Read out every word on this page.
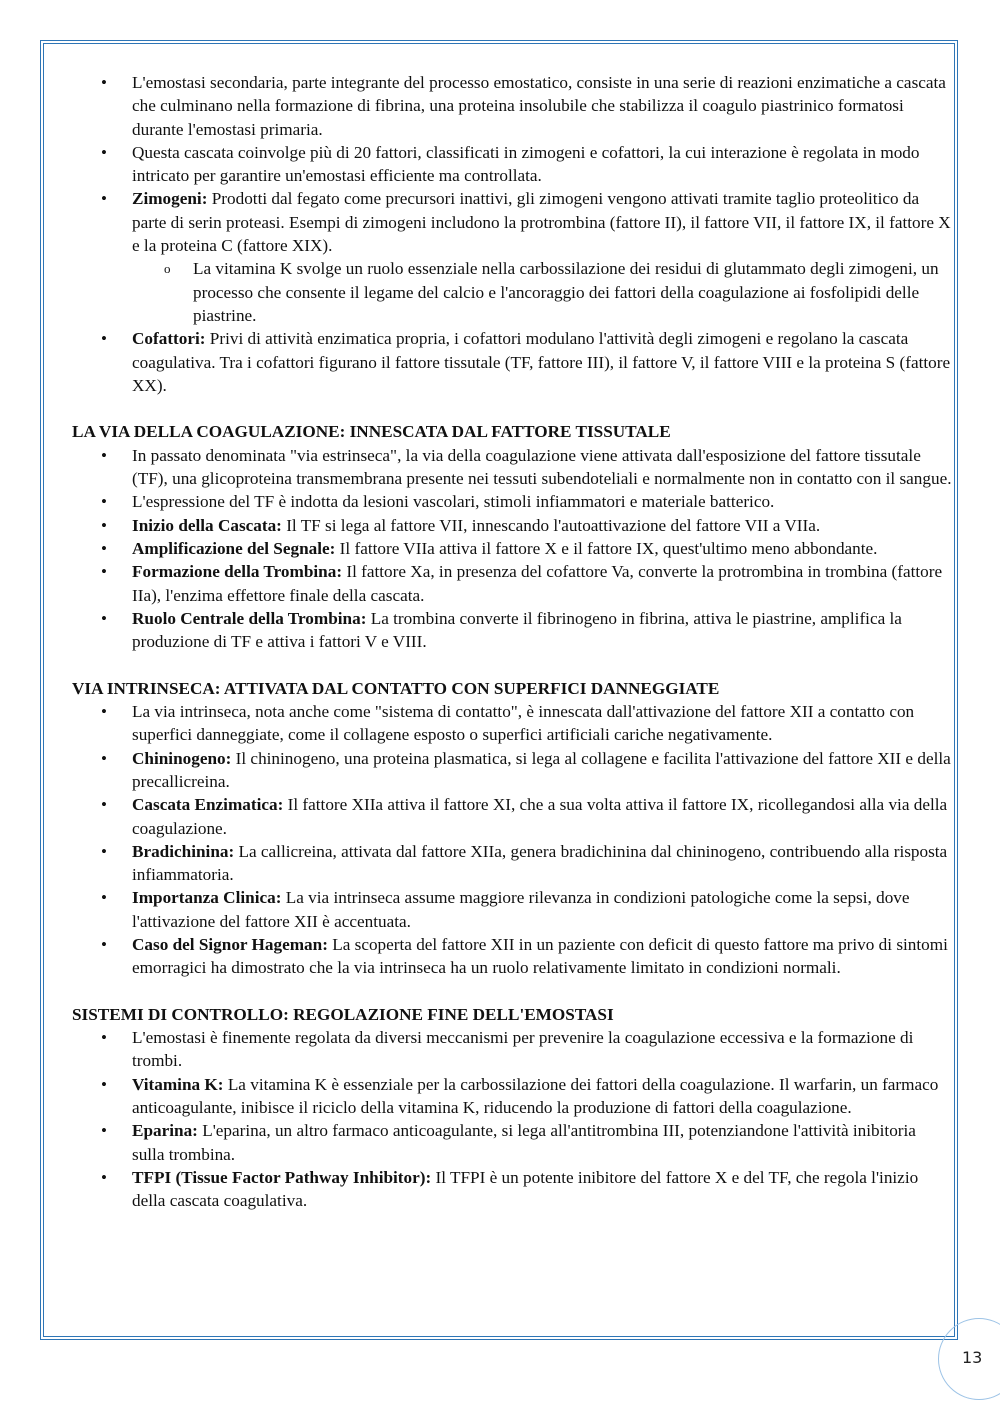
• L'emostasi secondaria, parte integrante del processo emostatico, consiste in una serie di reazioni enzimatiche a cascata che culminano nella formazione di fibrina, una proteina insolubile che stabilizza il coagulo piastrinico formatosi durante l'emostasi primaria.
• Questa cascata coinvolge più di 20 fattori, classificati in zimogeni e cofattori, la cui interazione è regolata in modo intricato per garantire un'emostasi efficiente ma controllata.
• Zimogeni: Prodotti dal fegato come precursori inattivi, gli zimogeni vengono attivati tramite taglio proteolitico da parte di serin proteasi. Esempi di zimogeni includono la protrombina (fattore II), il fattore VII, il fattore IX, il fattore X e la proteina C (fattore XIX).
o La vitamina K svolge un ruolo essenziale nella carbossilazione dei residui di glutammato degli zimogeni, un processo che consente il legame del calcio e l'ancoraggio dei fattori della coagulazione ai fosfolipidi delle piastrine.
• Cofattori: Privi di attività enzimatica propria, i cofattori modulano l'attività degli zimogeni e regolano la cascata coagulativa. Tra i cofattori figurano il fattore tissutale (TF, fattore III), il fattore V, il fattore VIII e la proteina S (fattore XX).
LA VIA DELLA COAGULAZIONE: INNESCATA DAL FATTORE TISSUTALE
• In passato denominata "via estrinseca", la via della coagulazione viene attivata dall'esposizione del fattore tissutale (TF), una glicoproteina transmembrana presente nei tessuti subendoteliali e normalmente non in contatto con il sangue.
• L'espressione del TF è indotta da lesioni vascolari, stimoli infiammatori e materiale batterico.
• Inizio della Cascata: Il TF si lega al fattore VII, innescando l'autoattivazione del fattore VII a VIIa.
• Amplificazione del Segnale: Il fattore VIIa attiva il fattore X e il fattore IX, quest'ultimo meno abbondante.
• Formazione della Trombina: Il fattore Xa, in presenza del cofattore Va, converte la protrombina in trombina (fattore IIa), l'enzima effettore finale della cascata.
• Ruolo Centrale della Trombina: La trombina converte il fibrinogeno in fibrina, attiva le piastrine, amplifica la produzione di TF e attiva i fattori V e VIII.
VIA INTRINSECA: ATTIVATA DAL CONTATTO CON SUPERFICI DANNEGGIATE
• La via intrinseca, nota anche come "sistema di contatto", è innescata dall'attivazione del fattore XII a contatto con superfici danneggiate, come il collagene esposto o superfici artificiali cariche negativamente.
• Chininogeno: Il chininogeno, una proteina plasmatica, si lega al collagene e facilita l'attivazione del fattore XII e della precallicreina.
• Cascata Enzimatica: Il fattore XIIa attiva il fattore XI, che a sua volta attiva il fattore IX, ricollegandosi alla via della coagulazione.
• Bradichinina: La callicreina, attivata dal fattore XIIa, genera bradichinina dal chininogeno, contribuendo alla risposta infiammatoria.
• Importanza Clinica: La via intrinseca assume maggiore rilevanza in condizioni patologiche come la sepsi, dove l'attivazione del fattore XII è accentuata.
• Caso del Signor Hageman: La scoperta del fattore XII in un paziente con deficit di questo fattore ma privo di sintomi emorragici ha dimostrato che la via intrinseca ha un ruolo relativamente limitato in condizioni normali.
SISTEMI DI CONTROLLO: REGOLAZIONE FINE DELL'EMOSTASI
• L'emostasi è finemente regolata da diversi meccanismi per prevenire la coagulazione eccessiva e la formazione di trombi.
• Vitamina K: La vitamina K è essenziale per la carbossilazione dei fattori della coagulazione. Il warfarin, un farmaco anticoagulante, inibisce il riciclo della vitamina K, riducendo la produzione di fattori della coagulazione.
• Eparina: L'eparina, un altro farmaco anticoagulante, si lega all'antitrombina III, potenziandone l'attività inibitoria sulla trombina.
• TFPI (Tissue Factor Pathway Inhibitor): Il TFPI è un potente inibitore del fattore X e del TF, che regola l'inizio della cascata coagulativa.
13
